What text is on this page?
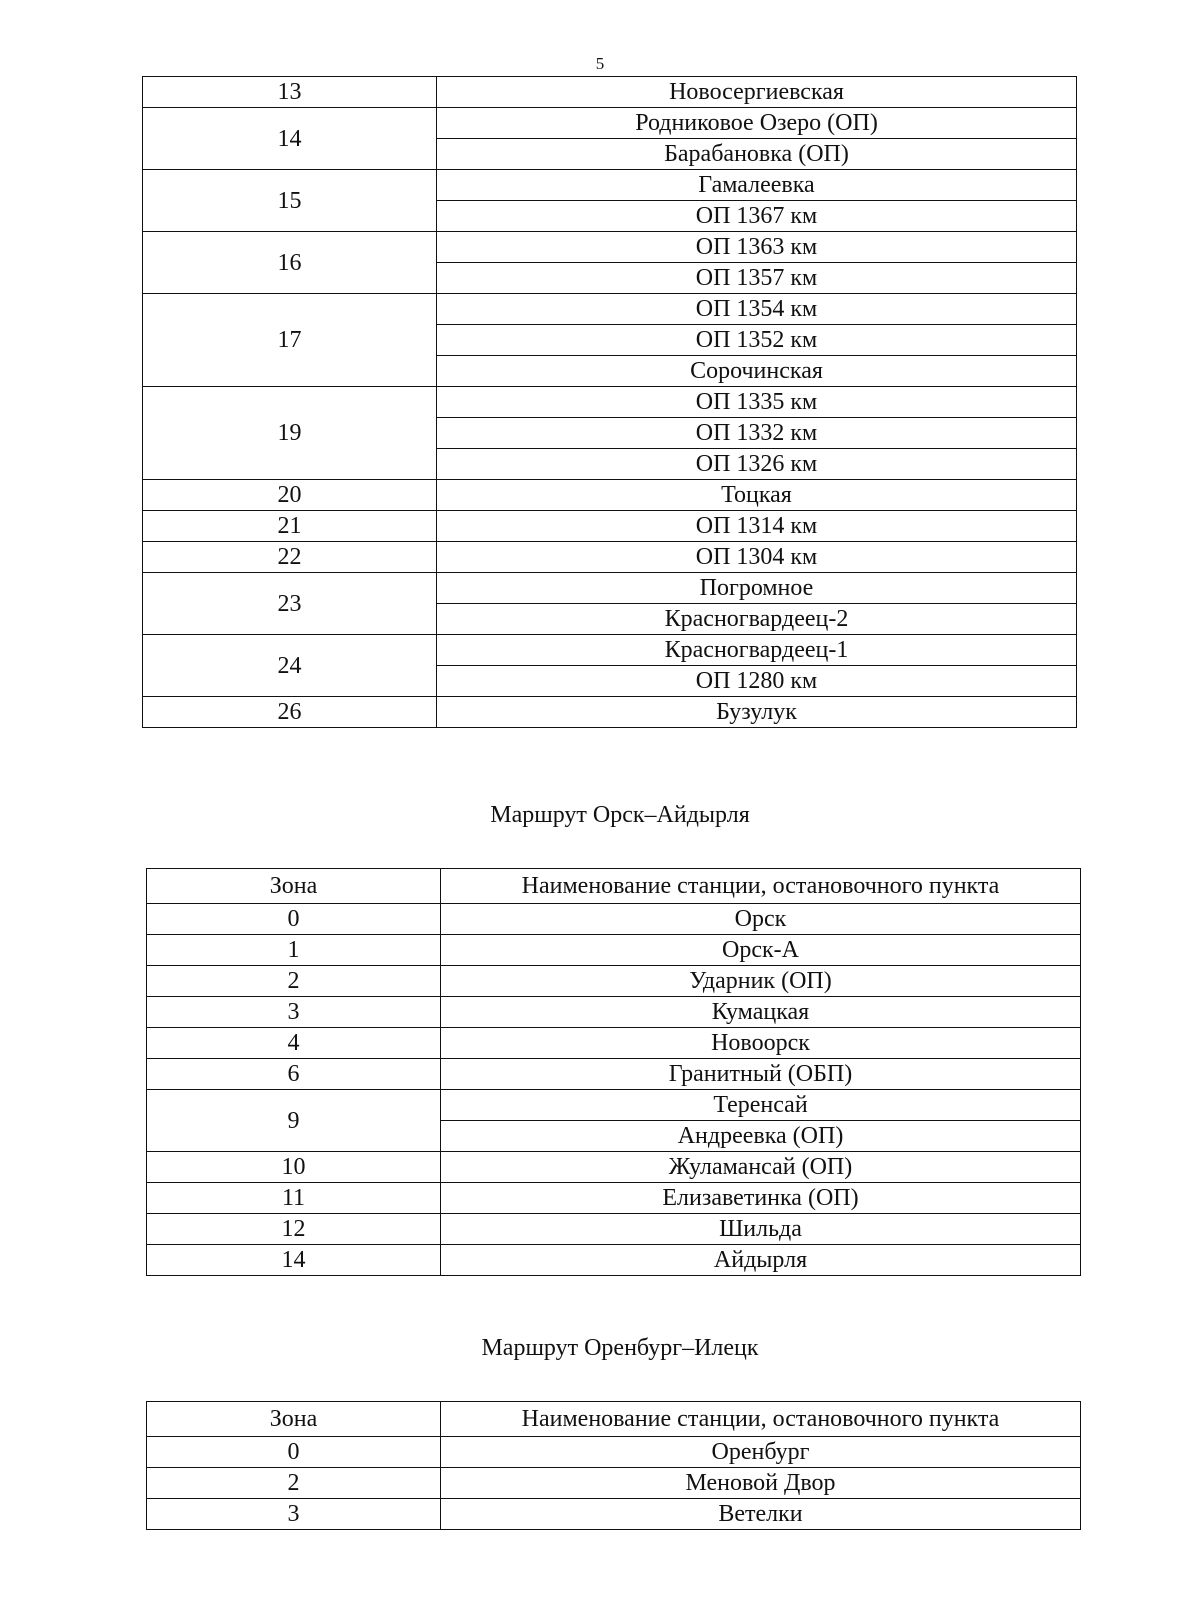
5
13	Новосергиевская
14	Родниковое Озеро (ОП)
	Барабановка (ОП)
15	Гамалеевка
	ОП 1367 км
16	ОП 1363 км
	ОП 1357 км
17	ОП 1354 км
	ОП 1352 км
	Сорочинская
19	ОП 1335 км
	ОП 1332 км
	ОП 1326 км
20	Тоцкая
21	ОП 1314 км
22	ОП 1304 км
23	Погромное
	Красногвардеец-2
24	Красногвардеец-1
	ОП 1280 км
26	Бузулук
Маршрут Орск–Айдырля
Зона	Наименование станции, остановочного пункта
0	Орск
1	Орск-А
2	Ударник (ОП)
3	Кумацкая
4	Новоорск
6	Гранитный (ОБП)
9	Теренсай
	Андреевка (ОП)
10	Жуламансай (ОП)
11	Елизаветинка (ОП)
12	Шильда
14	Айдырля
Маршрут Оренбург–Илецк
Зона	Наименование станции, остановочного пункта
0	Оренбург
2	Меновой Двор
3	Ветелки
